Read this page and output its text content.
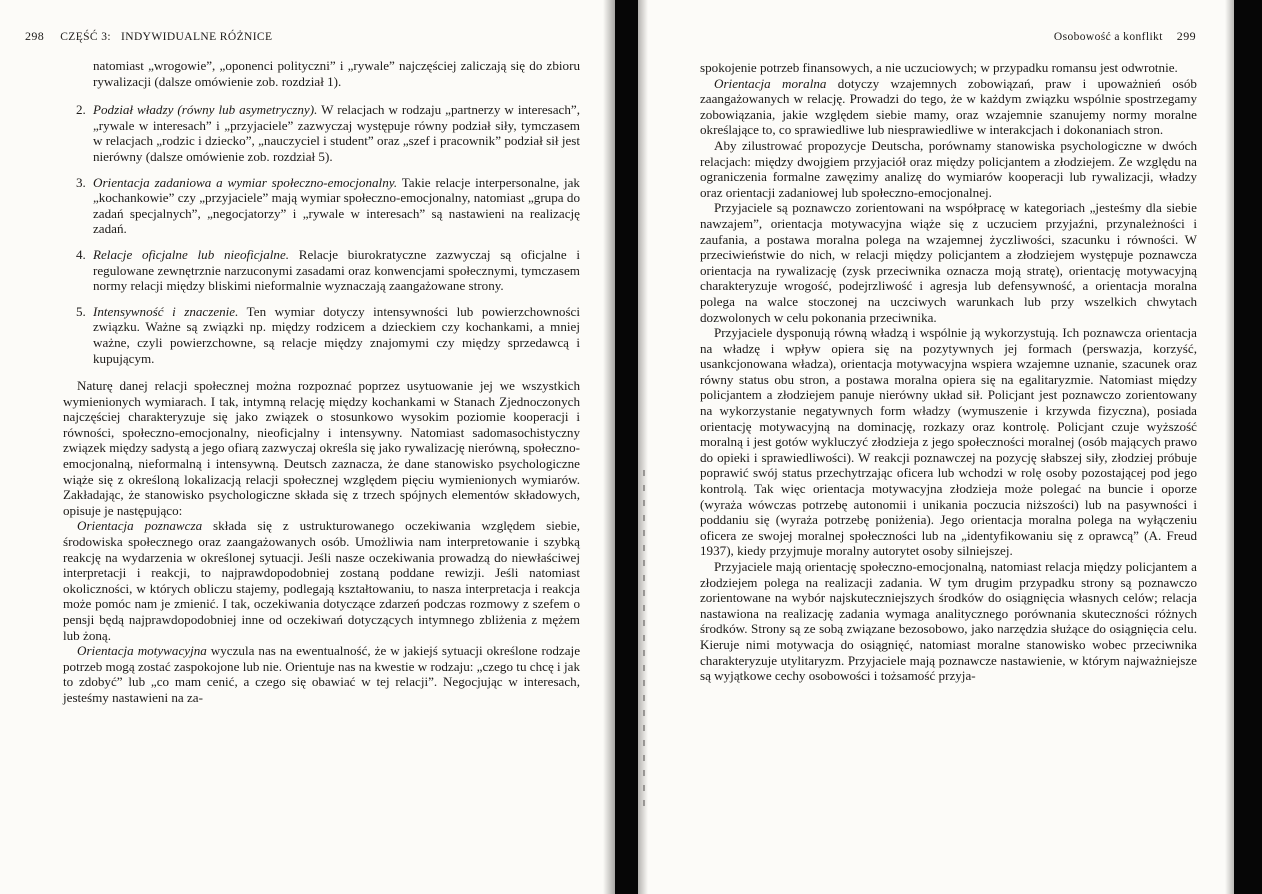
298 CZĘŚĆ 3: INDYWIDUALNE RÓŻNICE

natomiast „wrogowie”, „oponenci polityczni” i „rywale” najczęściej zaliczają się do zbioru rywalizacji (dalsze omówienie zob. rozdział 1).

2. Podział władzy (równy lub asymetryczny). W relacjach w rodzaju „partnerzy w interesach”, „rywale w interesach” i „przyjaciele” zazwyczaj występuje równy podział siły, tymczasem w relacjach „rodzic i dziecko”, „nauczyciel i student” oraz „szef i pracownik” podział sił jest nierówny (dalsze omówienie zob. rozdział 5).
3. Orientacja zadaniowa a wymiar społeczno-emocjonalny. Takie relacje interpersonalne, jak „kochankowie” czy „przyjaciele” mają wymiar społeczno-emocjonalny, natomiast „grupa do zadań specjalnych”, „negocjatorzy” i „rywale w interesach” są nastawieni na realizację zadań.
4. Relacje oficjalne lub nieoficjalne. Relacje biurokratyczne zazwyczaj są oficjalne i regulowane zewnętrznie narzuconymi zasadami oraz konwencjami społecznymi, tymczasem normy relacji między bliskimi nieformalnie wyznaczają zaangażowane strony.
5. Intensywność i znaczenie. Ten wymiar dotyczy intensywności lub powierzchowności związku. Ważne są związki np. między rodzicem a dzieckiem czy kochankami, a mniej ważne, czyli powierzchowne, są relacje między znajomymi czy między sprzedawcą i kupującym.

Naturę danej relacji społecznej można rozpoznać poprzez usytuowanie jej we wszystkich wymienionych wymiarach. I tak, intymną relację między kochankami w Stanach Zjednoczonych najczęściej charakteryzuje się jako związek o stosunkowo wysokim poziomie kooperacji i równości, społeczno-emocjonalny, nieoficjalny i intensywny. Natomiast sadomasochistyczny związek między sadystą a jego ofiarą zazwyczaj określa się jako rywalizację nierówną, społeczno-emocjonalną, nieformalną i intensywną. Deutsch zaznacza, że dane stanowisko psychologiczne wiąże się z określoną lokalizacją relacji społecznej względem pięciu wymienionych wymiarów. Zakładając, że stanowisko psychologiczne składa się z trzech spójnych elementów składowych, opisuje je następująco:

Orientacja poznawcza składa się z ustrukturowanego oczekiwania względem siebie, środowiska społecznego oraz zaangażowanych osób. Umożliwia nam interpretowanie i szybką reakcję na wydarzenia w określonej sytuacji. Jeśli nasze oczekiwania prowadzą do niewłaściwej interpretacji i reakcji, to najprawdopodobniej zostaną poddane rewizji. Jeśli natomiast okoliczności, w których obliczu stajemy, podlegają kształtowaniu, to nasza interpretacja i reakcja może pomóc nam je zmienić. I tak, oczekiwania dotyczące zdarzeń podczas rozmowy z szefem o pensji będą najprawdopodobniej inne od oczekiwań dotyczących intymnego zbliżenia z mężem lub żoną.

Orientacja motywacyjna wyczula nas na ewentualność, że w jakiejś sytuacji określone rodzaje potrzeb mogą zostać zaspokojone lub nie. Orientuje nas na kwestie w rodzaju: „czego tu chcę i jak to zdobyć” lub „co mam cenić, a czego się obawiać w tej relacji”. Negocjując w interesach, jesteśmy nastawieni na za-

Osobowość a konflikt 299

spokojenie potrzeb finansowych, a nie uczuciowych; w przypadku romansu jest odwrotnie.

Orientacja moralna dotyczy wzajemnych zobowiązań, praw i upoważnień osób zaangażowanych w relację. Prowadzi do tego, że w każdym związku wspólnie spostrzegamy zobowiązania, jakie względem siebie mamy, oraz wzajemnie szanujemy normy moralne określające to, co sprawiedliwe lub niesprawiedliwe w interakcjach i dokonaniach stron.

Aby zilustrować propozycje Deutscha, porównamy stanowiska psychologiczne w dwóch relacjach: między dwojgiem przyjaciół oraz między policjantem a złodziejem. Ze względu na ograniczenia formalne zawęzimy analizę do wymiarów kooperacji lub rywalizacji, władzy oraz orientacji zadaniowej lub społeczno-emocjonalnej.

Przyjaciele są poznawczo zorientowani na współpracę w kategoriach „jesteśmy dla siebie nawzajem”, orientacja motywacyjna wiąże się z uczuciem przyjaźni, przynależności i zaufania, a postawa moralna polega na wzajemnej życzliwości, szacunku i równości. W przeciwieństwie do nich, w relacji między policjantem a złodziejem występuje poznawcza orientacja na rywalizację (zysk przeciwnika oznacza moją stratę), orientację motywacyjną charakteryzuje wrogość, podejrzliwość i agresja lub defensywność, a orientacja moralna polega na walce stoczonej na uczciwych warunkach lub przy wszelkich chwytach dozwolonych w celu pokonania przeciwnika.

Przyjaciele dysponują równą władzą i wspólnie ją wykorzystują. Ich poznawcza orientacja na władzę i wpływ opiera się na pozytywnych jej formach (perswazja, korzyść, usankcjonowana władza), orientacja motywacyjna wspiera wzajemne uznanie, szacunek oraz równy status obu stron, a postawa moralna opiera się na egalitaryzmie. Natomiast między policjantem a złodziejem panuje nierówny układ sił. Policjant jest poznawczo zorientowany na wykorzystanie negatywnych form władzy (wymuszenie i krzywda fizyczna), posiada orientację motywacyjną na dominację, rozkazy oraz kontrolę. Policjant czuje wyższość moralną i jest gotów wykluczyć złodzieja z jego społeczności moralnej (osób mających prawo do opieki i sprawiedliwości). W reakcji poznawczej na pozycję słabszej siły, złodziej próbuje poprawić swój status przechytrzając oficera lub wchodzi w rolę osoby pozostającej pod jego kontrolą. Tak więc orientacja motywacyjna złodzieja może polegać na buncie i oporze (wyraża wówczas potrzebę autonomii i unikania poczucia niższości) lub na pasywności i poddaniu się (wyraża potrzebę poniżenia). Jego orientacja moralna polega na wyłączeniu oficera ze swojej moralnej społeczności lub na „identyfikowaniu się z oprawcą” (A. Freud 1937), kiedy przyjmuje moralny autorytet osoby silniejszej.

Przyjaciele mają orientację społeczno-emocjonalną, natomiast relacja między policjantem a złodziejem polega na realizacji zadania. W tym drugim przypadku strony są poznawczo zorientowane na wybór najskuteczniejszych środków do osiągnięcia własnych celów; relacja nastawiona na realizację zadania wymaga analitycznego porównania skuteczności różnych środków. Strony są ze sobą związane bezosobowo, jako narzędzia służące do osiągnięcia celu. Kieruje nimi motywacja do osiągnięć, natomiast moralne stanowisko wobec przeciwnika charakteryzuje utylitaryzm. Przyjaciele mają poznawcze nastawienie, w którym najważniejsze są wyjątkowe cechy osobowości i tożsamość przyja-
